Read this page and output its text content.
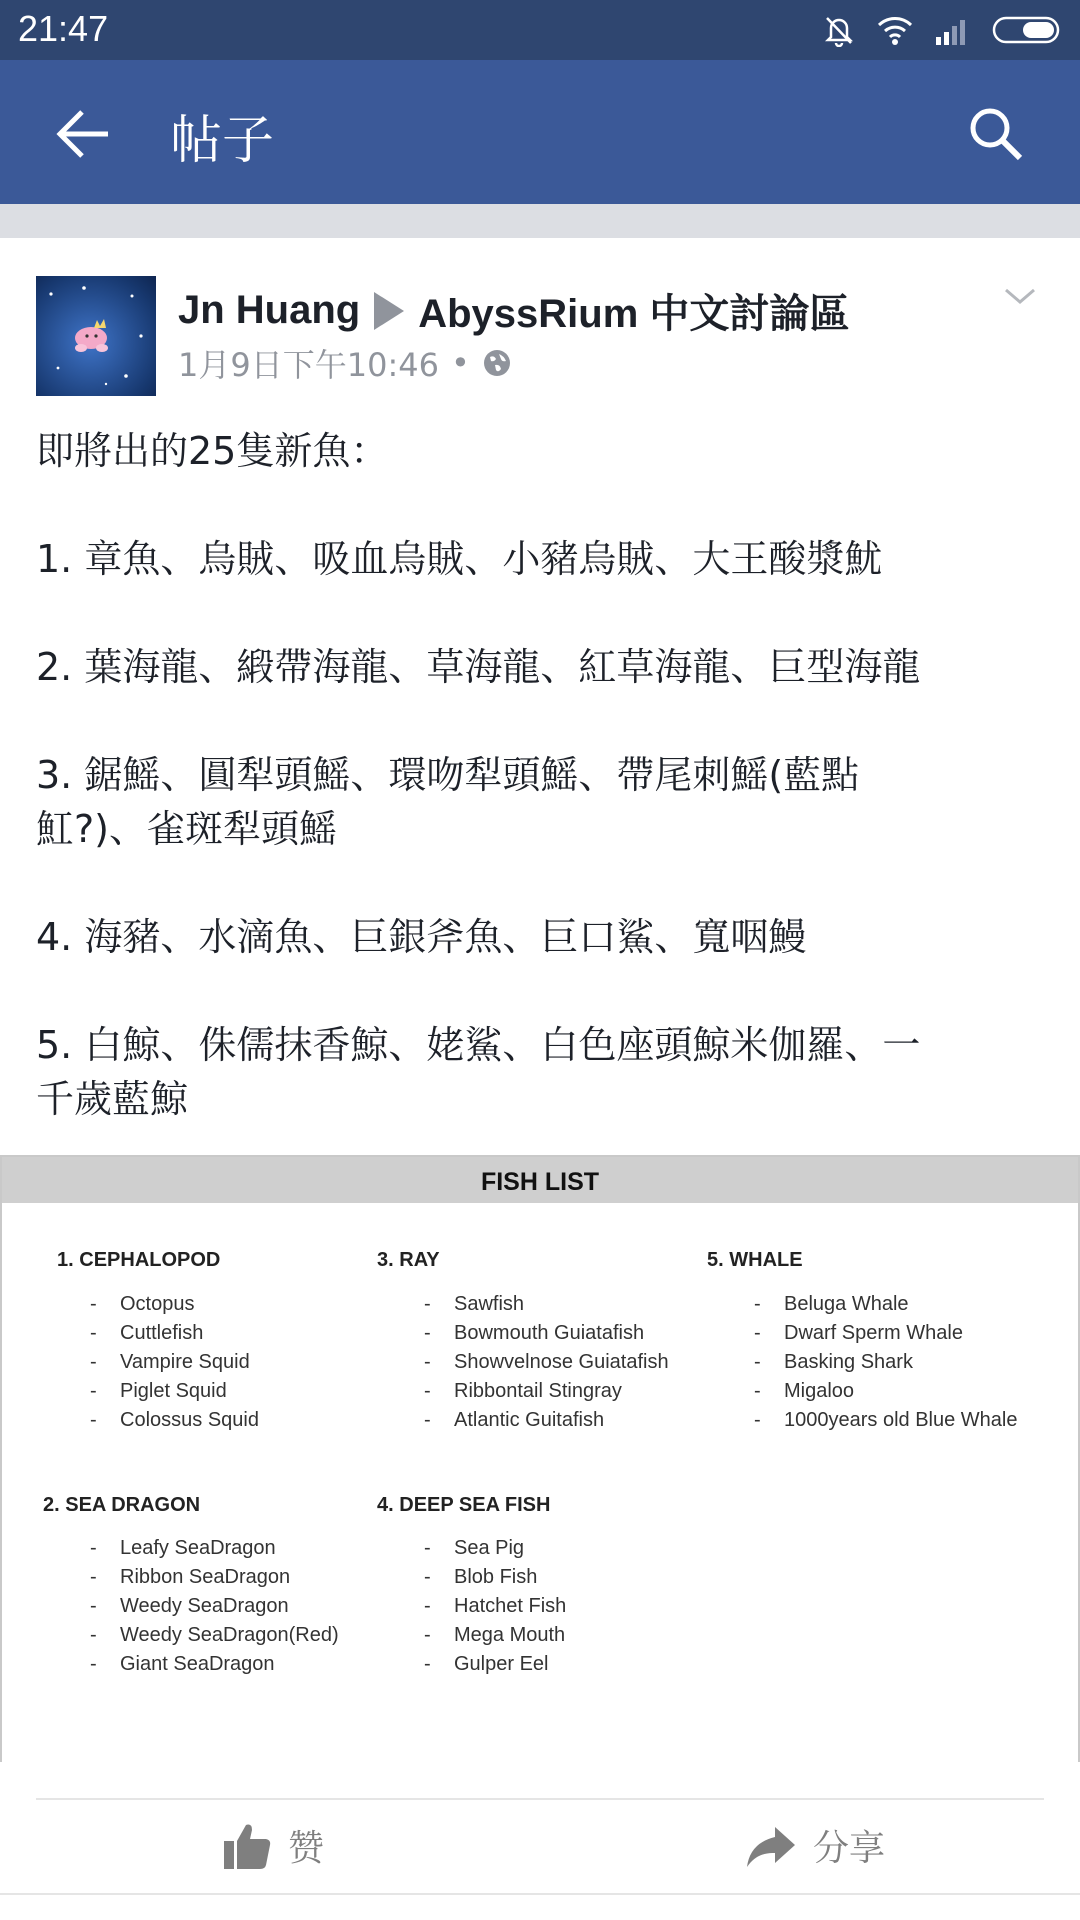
21:47
帖子
Jn Huang AbyssRium 中文討論區
1月9日下午10:46 •

即將出的25隻新魚：

1. 章魚、烏賊、吸血烏賊、小豬烏賊、大王酸漿魷

2. 葉海龍、緞帶海龍、草海龍、紅草海龍、巨型海龍

3. 鋸鰩、圓犁頭鰩、環吻犁頭鰩、帶尾刺鰩(藍點

魟?)、雀斑犁頭鰩

4. 海豬、水滴魚、巨銀斧魚、巨口鯊、寬咽鰻

5. 白鯨、侏儒抹香鯨、姥鯊、白色座頭鯨米伽羅、一

千歲藍鯨

FISH LIST
1. CEPHALOPOD
- Octopus
- Cuttlefish
- Vampire Squid
- Piglet Squid
- Colossus Squid
2. SEA DRAGON
- Leafy SeaDragon
- Ribbon SeaDragon
- Weedy SeaDragon
- Weedy SeaDragon(Red)
- Giant SeaDragon
3. RAY
- Sawfish
- Bowmouth Guiatafish
- Showvelnose Guiatafish
- Ribbontail Stingray
- Atlantic Guitafish
4. DEEP SEA FISH
- Sea Pig
- Blob Fish
- Hatchet Fish
- Mega Mouth
- Gulper Eel
5. WHALE
- Beluga Whale
- Dwarf Sperm Whale
- Basking Shark
- Migaloo
- 1000years old Blue Whale
赞	分享
